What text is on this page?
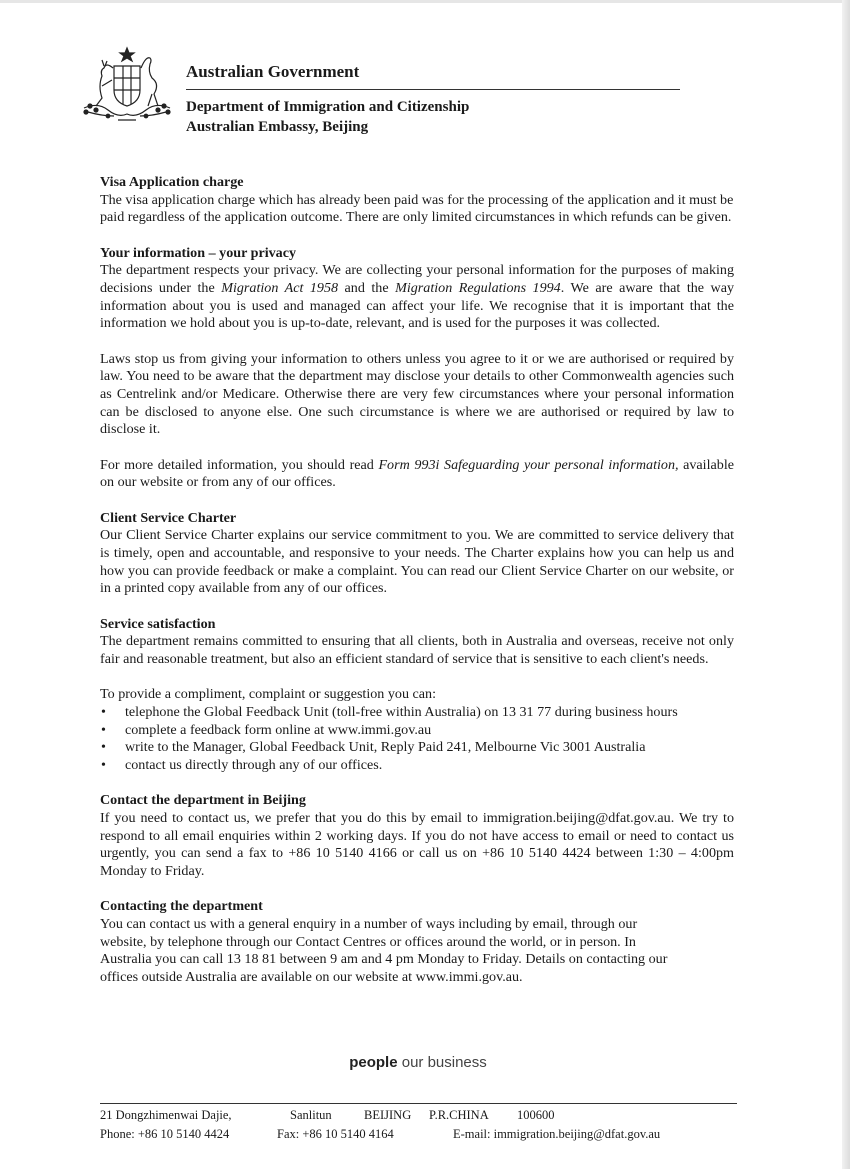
Australian Government
Department of Immigration and Citizenship
Australian Embassy, Beijing
Visa Application charge

The visa application charge which has already been paid was for the processing of the application and it must be paid regardless of the application outcome. There are only limited circumstances in which refunds can be given.

Your information – your privacy

The department respects your privacy. We are collecting your personal information for the purposes of making decisions under the Migration Act 1958 and the Migration Regulations 1994. We are aware that the way information about you is used and managed can affect your life. We recognise that it is important that the information we hold about you is up-to-date, relevant, and is used for the purposes it was collected.

Laws stop us from giving your information to others unless you agree to it or we are authorised or required by law. You need to be aware that the department may disclose your details to other Commonwealth agencies such as Centrelink and/or Medicare. Otherwise there are very few circumstances where your personal information can be disclosed to anyone else. One such circumstance is where we are authorised or required by law to disclose it.

For more detailed information, you should read Form 993i Safeguarding your personal information, available on our website or from any of our offices.

Client Service Charter

Our Client Service Charter explains our service commitment to you. We are committed to service delivery that is timely, open and accountable, and responsive to your needs. The Charter explains how you can help us and how you can provide feedback or make a complaint. You can read our Client Service Charter on our website, or in a printed copy available from any of our offices.

Service satisfaction

The department remains committed to ensuring that all clients, both in Australia and overseas, receive not only fair and reasonable treatment, but also an efficient standard of service that is sensitive to each client's needs.

To provide a compliment, complaint or suggestion you can:

• telephone the Global Feedback Unit (toll-free within Australia) on 13 31 77 during business hours
• complete a feedback form online at www.immi.gov.au
• write to the Manager, Global Feedback Unit, Reply Paid 241, Melbourne Vic 3001 Australia
• contact us directly through any of our offices.
Contact the department in Beijing

If you need to contact us, we prefer that you do this by email to immigration.beijing@dfat.gov.au. We try to respond to all email enquiries within 2 working days. If you do not have access to email or need to contact us urgently, you can send a fax to +86 10 5140 4166 or call us on +86 10 5140 4424 between 1:30 – 4:00pm Monday to Friday.

Contacting the department
You can contact us with a general enquiry in a number of ways including by email, through our
website, by telephone through our Contact Centres or offices around the world, or in person. In
Australia you can call 13 18 81 between 9 am and 4 pm Monday to Friday. Details on contacting our
offices outside Australia are available on our website at www.immi.gov.au.
people our business
21 Dongzhimenwai Dajie,	Sanlitun	BEIJING P.R.CHINA 100600
Phone: +86 10 5140 4424	Fax: +86 10 5140 4164	E-mail: immigration.beijing@dfat.gov.au
